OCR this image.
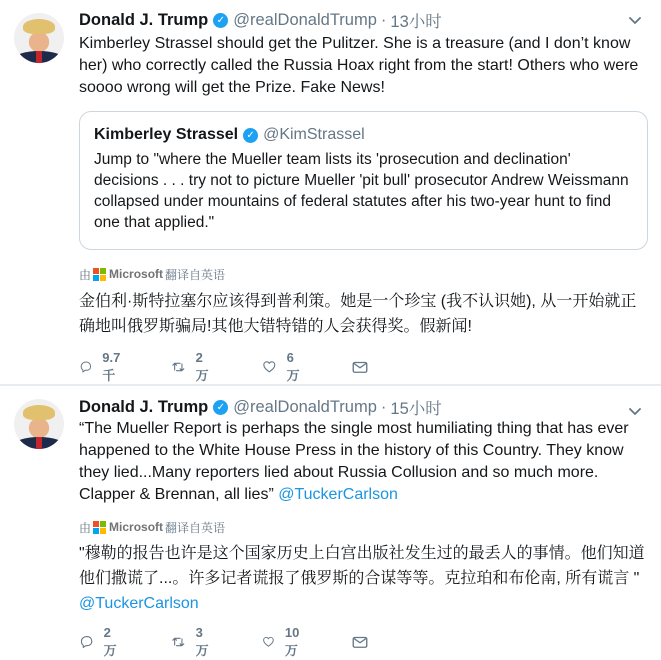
Donald J. Trump ✓ @realDonaldTrump · 13小时
Kimberley Strassel should get the Pulitzer. She is a treasure (and I don’t know her) who correctly called the Russia Hoax right from the start! Others who were soooo wrong will get the Prize. Fake News!
Kimberley Strassel ✓ @KimStrassel
Jump to "where the Mueller team lists its 'prosecution and declination' decisions . . . try not to picture Mueller 'pit bull' prosecutor Andrew Weissmann collapsed under mountains of federal statutes after his two-year hunt to find one that applied."
由 Microsoft 翻译自英语
金伯利·斯特拉塞尔应该得到普利策。她是一个珍宝 (我不认识她), 从一开始就正确地叫俄罗斯骗局!其他大错特错的人会获得奖。假新闻!
9.7千
2万
6万
Donald J. Trump ✓ @realDonaldTrump · 15小时
“The Mueller Report is perhaps the single most humiliating thing that has ever happened to the White House Press in the history of this Country. They know they lied...Many reporters lied about Russia Collusion and so much more. Clapper & Brennan, all lies” @TuckerCarlson
由 Microsoft 翻译自英语
"穆勒的报告也许是这个国家历史上白宫出版社发生过的最丢人的事情。他们知道他们撒谎了...。许多记者谎报了俄罗斯的合谋等等。克拉珀和布伦南, 所有谎言 "
@TuckerCarlson
2万
3万
10万
